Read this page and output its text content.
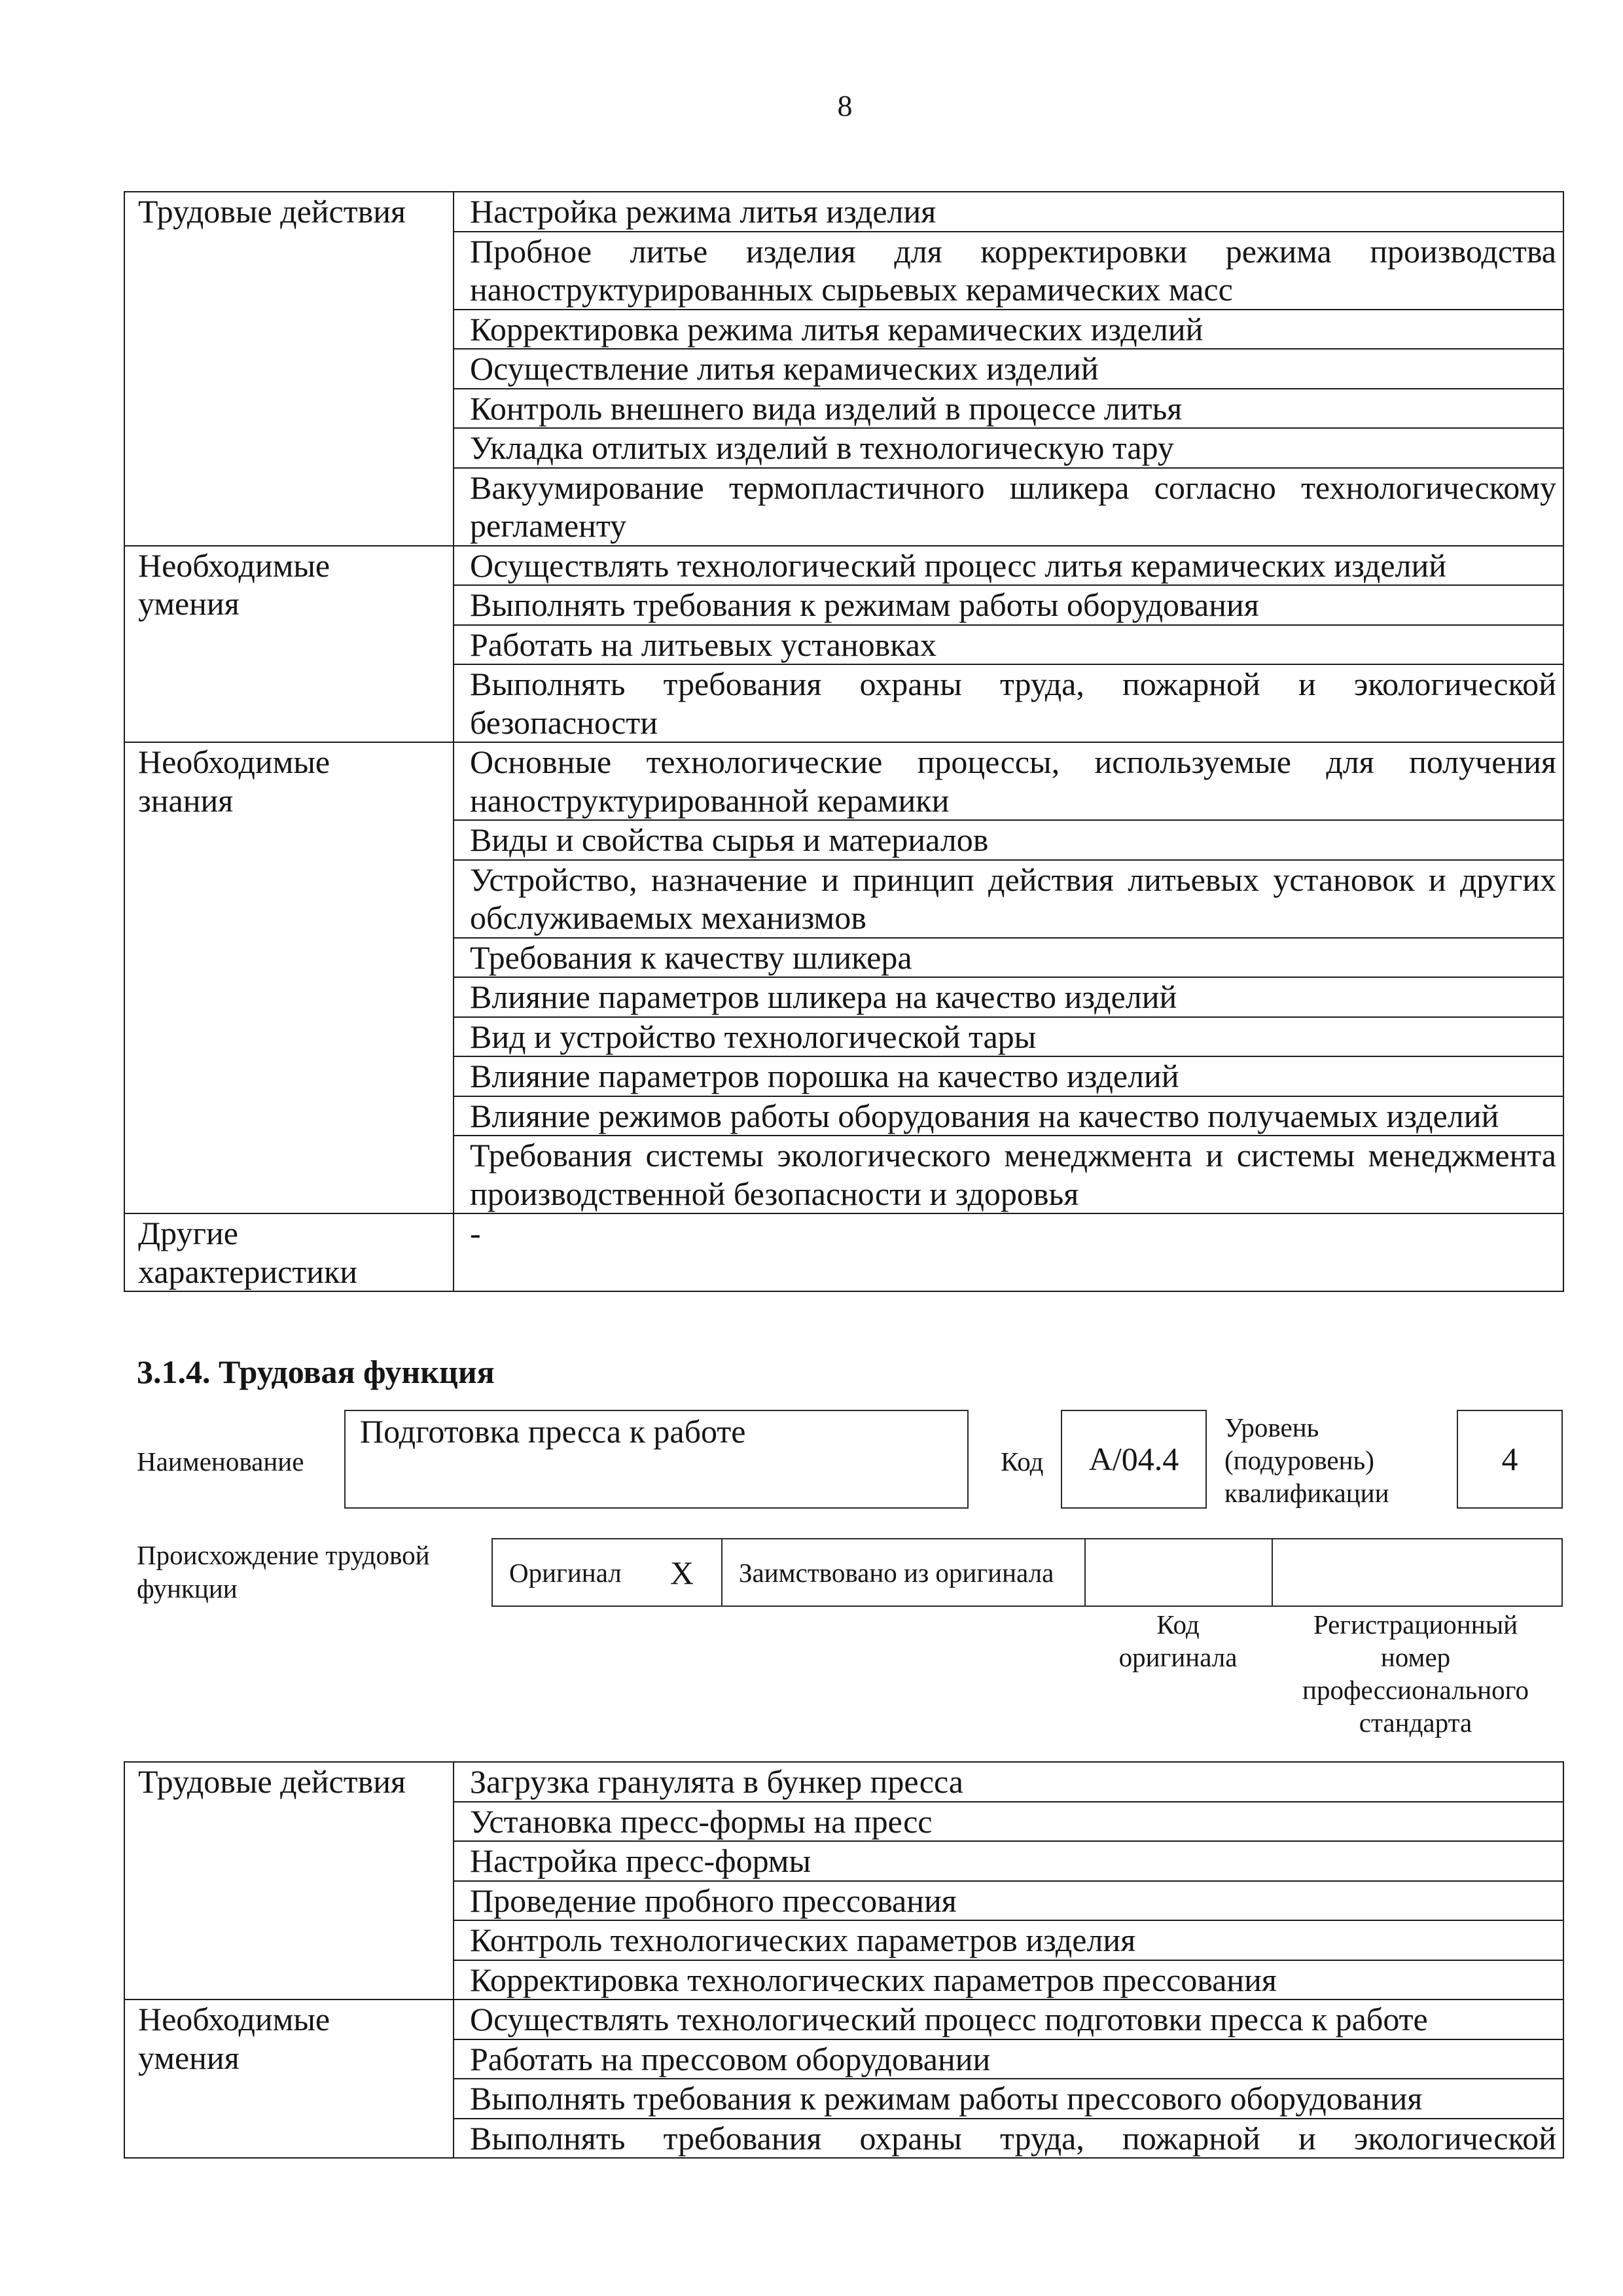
8
Трудовые действия	Настройка режима литья изделия
	Пробное литье изделия для корректировки режима производства наноструктурированных сырьевых керамических масс
	Корректировка режима литья керамических изделий
	Осуществление литья керамических изделий
	Контроль внешнего вида изделий в процессе литья
	Укладка отлитых изделий в технологическую тару
	Вакуумирование термопластичного шликера согласно технологическому регламенту
Необходимые умения	Осуществлять технологический процесс литья керамических изделий
	Выполнять требования к режимам работы оборудования
	Работать на литьевых установках
	Выполнять требования охраны труда, пожарной и экологической безопасности
Необходимые знания	Основные технологические процессы, используемые для получения наноструктурированной керамики
	Виды и свойства сырья и материалов
	Устройство, назначение и принцип действия литьевых установок и других обслуживаемых механизмов
	Требования к качеству шликера
	Влияние параметров шликера на качество изделий
	Вид и устройство технологической тары
	Влияние параметров порошка на качество изделий
	Влияние режимов работы оборудования на качество получаемых изделий
	Требования системы экологического менеджмента и системы менеджмента производственной безопасности и здоровья
Другие характеристики	-
3.1.4. Трудовая функция
Наименование
Подготовка пресса к работе
Код А/04.4
Уровень (подуровень) квалификации
4
Происхождение трудовой функции
Оригинал X Заимствовано из оригинала
Код оригинала
Регистрационный номер профессионального стандарта
Трудовые действия	Загрузка гранулята в бункер пресса
	Установка пресс-формы на пресс
	Настройка пресс-формы
	Проведение пробного прессования
	Контроль технологических параметров изделия
	Корректировка технологических параметров прессования
Необходимые умения	Осуществлять технологический процесс подготовки пресса к работе
	Работать на прессовом оборудовании
	Выполнять требования к режимам работы прессового оборудования
	Выполнять требования охраны труда, пожарной и экологической
